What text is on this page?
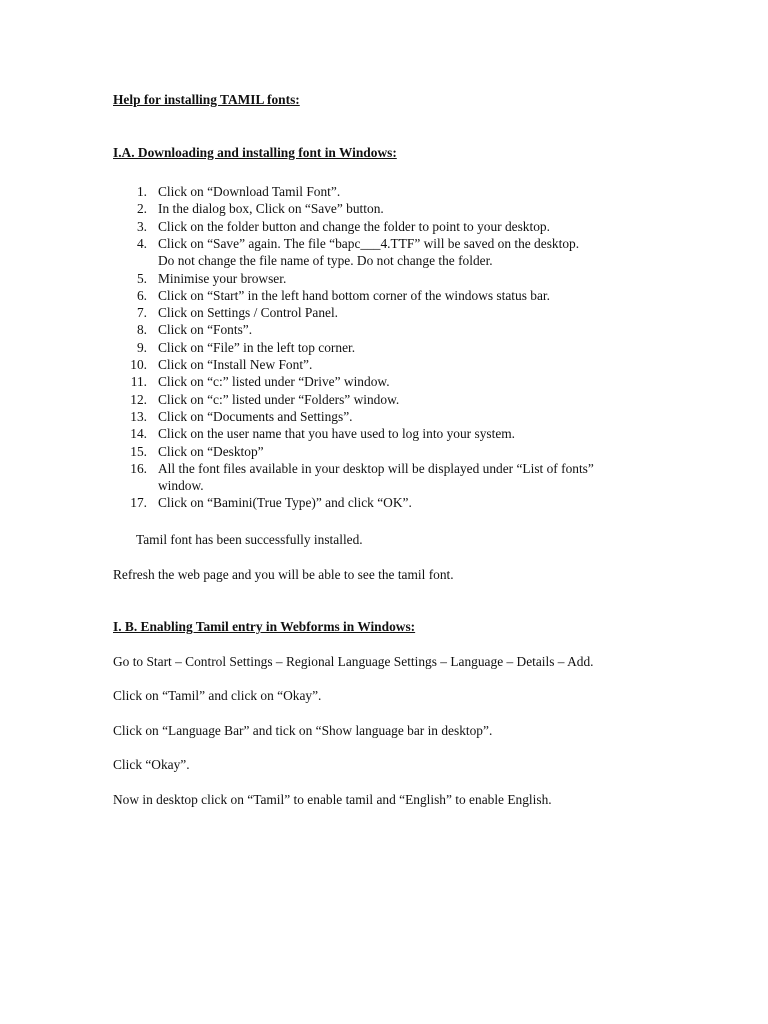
Help for installing TAMIL fonts:
I.A. Downloading and installing font in Windows:
1. Click on “Download Tamil Font”.
2. In the dialog box, Click on “Save” button.
3. Click on the folder button and change the folder to point to your desktop.
4. Click on “Save” again. The file “bapc___4.TTF” will be saved on the desktop.
Do not change the file name of type. Do not change the folder.
5. Minimise your browser.
6. Click on “Start” in the left hand bottom corner of the windows status bar.
7. Click on Settings / Control Panel.
8. Click on “Fonts”.
9. Click on “File” in the left top corner.
10. Click on “Install New Font”.
11. Click on “c:” listed under “Drive” window.
12. Click on “c:” listed under “Folders” window.
13. Click on “Documents and Settings”.
14. Click on the user name that you have used to log into your system.
15. Click on “Desktop”
16. All the font files available in your desktop will be displayed under “List of fonts”
window.
17. Click on “Bamini(True Type)” and click “OK”.
Tamil font has been successfully installed.
Refresh the web page and you will be able to see the tamil font.
I. B. Enabling Tamil entry in Webforms in Windows:
Go to Start – Control Settings – Regional Language Settings – Language – Details – Add.
Click on “Tamil” and click on “Okay”.
Click on “Language Bar” and tick on “Show language bar in desktop”.
Click “Okay”.
Now in desktop click on “Tamil” to enable tamil and “English” to enable English.
